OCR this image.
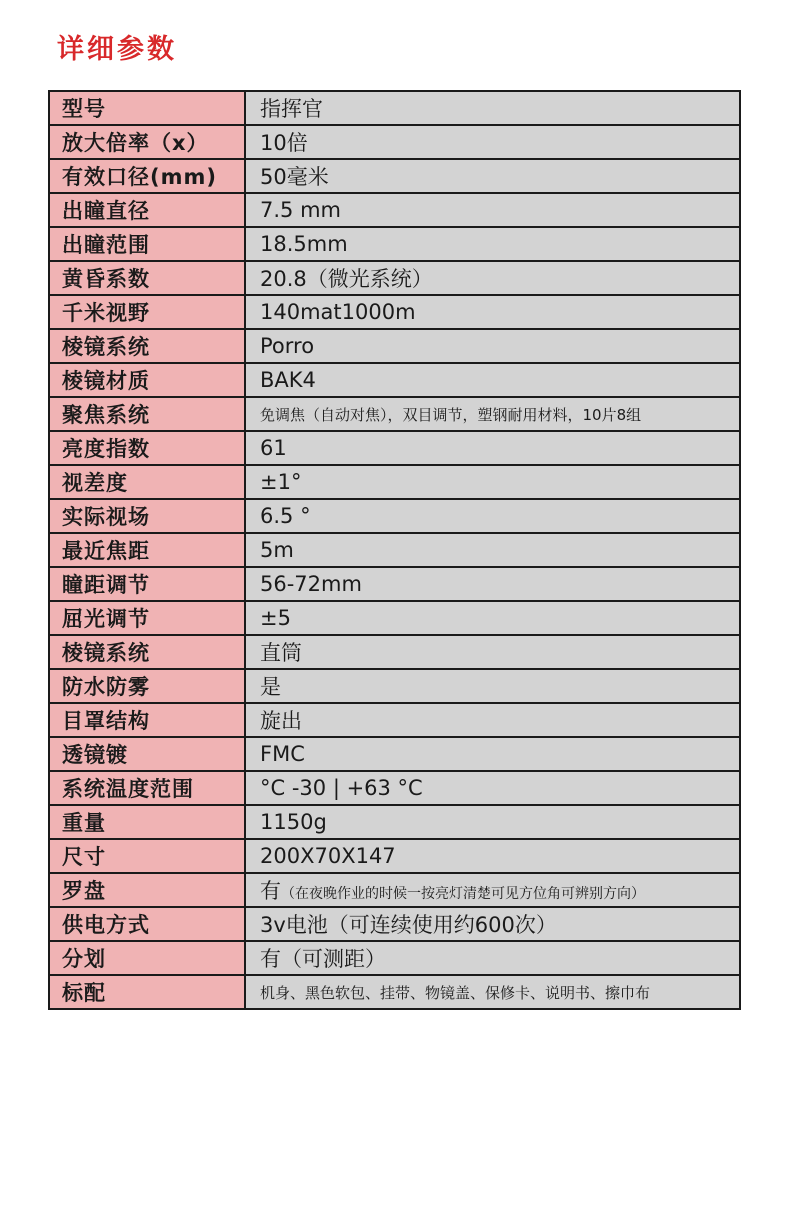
详细参数
型号	指挥官
放大倍率（x）	10倍
有效口径(mm)	50毫米
出瞳直径	7.5 mm
出瞳范围	18.5mm
黄昏系数	20.8（微光系统）
千米视野	140mat1000m
棱镜系统	Porro
棱镜材质	BAK4
聚焦系统	免调焦（自动对焦），双目调节，塑钢耐用材料，10片8组
亮度指数	61
视差度	±1°
实际视场	6.5 °
最近焦距	5m
瞳距调节	56-72mm
屈光调节	±5
棱镜系统	直筒
防水防雾	是
目罩结构	旋出
透镜镀	FMC
系统温度范围	°C -30 | +63 °C
重量	1150g
尺寸	200X70X147
罗盘	有（在夜晚作业的时候一按亮灯清楚可见方位角可辨别方向）
供电方式	3v电池（可连续使用约600次）
分划	有（可测距）
标配	机身、黑色软包、挂带、物镜盖、保修卡、说明书、擦巾布
